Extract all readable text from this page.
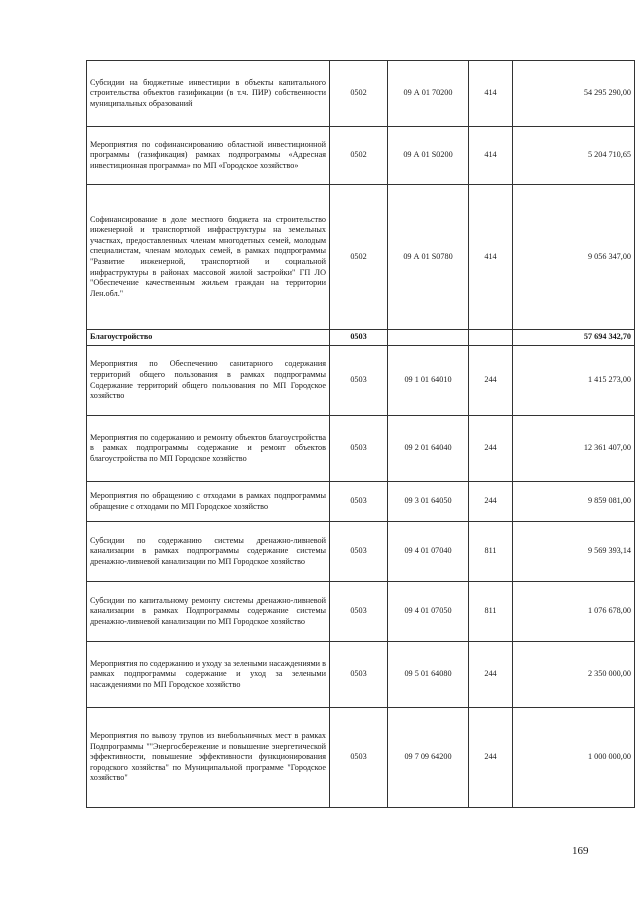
Субсидии на бюджетные инвестиции в объекты капитального строительства объектов газификации (в т.ч. ПИР) собственности муниципальных образований	0502	09 А 01 70200	414	54 295 290,00
Мероприятия по софинансированию областной инвестиционной программы (газификация) рамках подпрограммы «Адресная инвестиционная программа» по МП «Городское хозяйство»	0502	09 А 01 S0200	414	5 204 710,65
Софинансирование в доле местного бюджета на строительство инженерной и транспортной инфраструктуры на земельных участках, предоставленных членам многодетных семей, молодым специалистам, членам молодых семей, в рамках подпрограммы "Развитие инженерной, транспортной и социальной инфраструктуры в районах массовой жилой застройки" ГП ЛО "Обеспечение качественным жильем граждан на территории Лен.обл."	0502	09 А 01 S0780	414	9 056 347,00
Благоустройство	0503			57 694 342,70
Мероприятия по Обеспечению санитарного содержания территорий общего пользования в рамках подпрограммы Содержание территорий общего пользования по МП Городское хозяйство	0503	09 1 01 64010	244	1 415 273,00
Мероприятия по содержанию и ремонту объектов благоустройства в рамках подпрограммы содержание и ремонт объектов благоустройства по МП Городское хозяйство	0503	09 2 01 64040	244	12 361 407,00
Мероприятия по обращению с отходами в рамках подпрограммы обращение с отходами по МП Городское хозяйство	0503	09 3 01 64050	244	9 859 081,00
Субсидии по содержанию системы дренажно-ливневой канализации в рамках подпрограммы содержание системы дренажно-ливневой канализации по МП Городское хозяйство	0503	09 4 01 07040	811	9 569 393,14
Субсидии по капитальному ремонту системы дренажно-ливневой канализации в рамках Подпрограммы содержание системы дренажно-ливневой канализации по МП Городское хозяйство	0503	09 4 01 07050	811	1 076 678,00
Мероприятия по содержанию и уходу за зелеными насаждениями в рамках подпрограммы содержание и уход за зелеными насаждениями по МП Городское хозяйство	0503	09 5 01 64080	244	2 350 000,00
Мероприятия по вывозу трупов из внебольничных мест в рамках Подпрограммы ""Энергосбережение и повышение энергетической эффективности, повышение эффективности функционирования городского хозяйства" по Муниципальной программе "Городское хозяйство"	0503	09 7 09 64200	244	1 000 000,00
169
